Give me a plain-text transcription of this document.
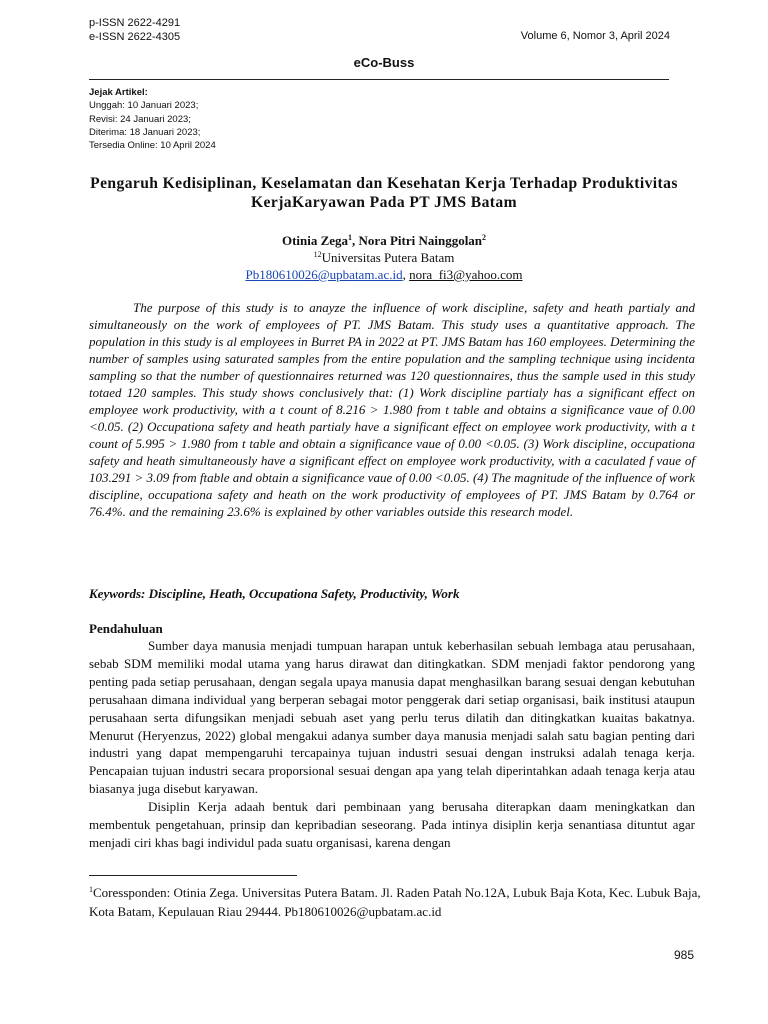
p-ISSN 2622-4291
e-ISSN 2622-4305	Volume 6, Nomor 3, April 2024
eCo-Buss
Jejak Artikel:
Unggah: 10 Januari 2023;
Revisi: 24 Januari 2023;
Diterima: 18 Januari 2023;
Tersedia Online: 10 April 2024
Pengaruh Kedisiplinan, Keselamatan dan Kesehatan Kerja Terhadap Produktivitas KerjaKaryawan Pada PT JMS Batam
Otinia Zega$^1$, Nora Pitri Nainggolan$^2$
$^{12}$Universitas Putera Batam
Pb180610026@upbatam.ac.id, nora_fi3@yahoo.com

The purpose of this study is to anayze the influence of work discipline, safety and heath partialy and simultaneously on the work of employees of PT. JMS Batam. This study uses a quantitative approach. The population in this study is al employees in Burret PA in 2022 at PT. JMS Batam has 160 employees. Determining the number of samples using saturated samples from the entire population and the sampling technique using incidenta sampling so that the number of questionnaires returned was 120 questionnaires, thus the sample used in this study totaed 120 samples. This study shows conclusively that: (1) Work discipline partialy has a significant effect on employee work productivity, with a t count of 8.216 > 1.980 from t table and obtains a significance vaue of 0.00 <0.05. (2) Occupationa safety and heath partialy have a significant effect on employee work productivity, with a t count of 5.995 > 1.980 from t table and obtain a significance vaue of 0.00 <0.05. (3) Work discipline, occupationa safety and heath simultaneously have a significant effect on employee work productivity, with a caculated f vaue of 103.291 > 3.09 from ftable and obtain a significance vaue of 0.00 <0.05. (4) The magnitude of the influence of work discipline, occupationa safety and heath on the work productivity of employees of PT. JMS Batam by 0.764 or 76.4%. and the remaining 23.6% is explained by other variables outside this research model.

Keywords: Discipline, Heath, Occupationa Safety, Productivity, Work
Pendahuluan

Sumber daya manusia menjadi tumpuan harapan untuk keberhasilan sebuah lembaga atau perusahaan, sebab SDM memiliki modal utama yang harus dirawat dan ditingkatkan. SDM menjadi faktor pendorong yang penting pada setiap perusahaan, dengan segala upaya manusia dapat menghasilkan barang sesuai dengan kebutuhan perusahaan dimana individual yang berperan sebagai motor penggerak dari setiap organisasi, baik institusi ataupun perusahaan serta difungsikan menjadi sebuah aset yang perlu terus dilatih dan ditingkatkan kuaitas bakatnya. Menurut (Heryenzus, 2022) global mengakui adanya sumber daya manusia menjadi salah satu bagian penting dari industri yang dapat mempengaruhi tercapainya tujuan industri sesuai dengan instruksi adalah tenaga kerja. Pencapaian tujuan industri secara proporsional sesuai dengan apa yang telah diperintahkan adaah tenaga kerja atau biasanya juga disebut karyawan.

Disiplin Kerja adaah bentuk dari pembinaan yang berusaha diterapkan daam meningkatkan dan membentuk pengetahuan, prinsip dan kepribadian seseorang. Pada intinya disiplin kerja senantiasa dituntut agar menjadi ciri khas bagi individul pada suatu organisasi, karena dengan

$^1$Coressponden: Otinia Zega. Universitas Putera Batam. Jl. Raden Patah No.12A, Lubuk Baja Kota, Kec. Lubuk Baja, Kota Batam, Kepulauan Riau 29444. Pb180610026@upbatam.ac.id

985
